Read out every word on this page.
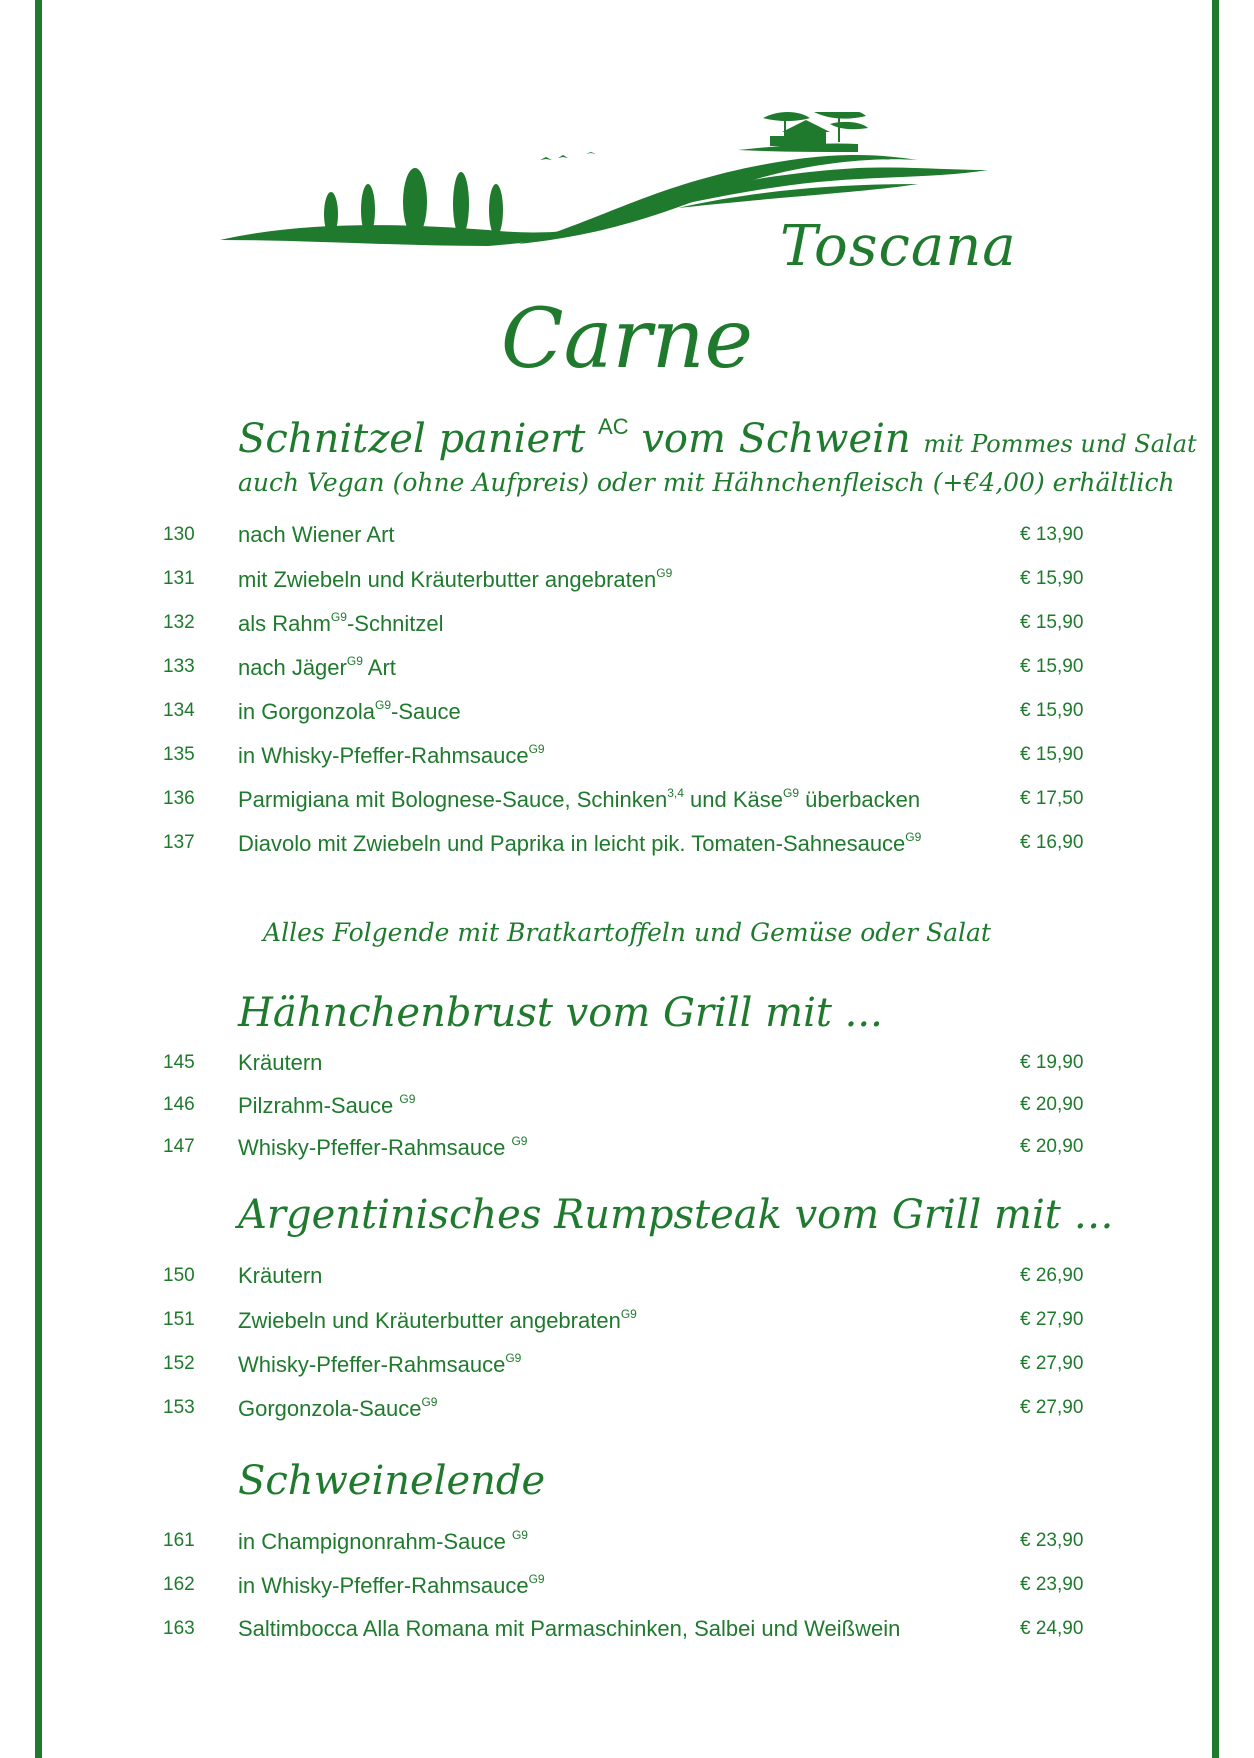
Toscana
Carne
Schnitzel paniert $^{AC}$ vom Schwein mit Pommes und Salat
auch Vegan (ohne Aufpreis) oder mit Hähnchenfleisch (+€4,00) erhältlich
130 nach Wiener Art	€ 13,90
131 mit Zwiebeln und Kräuterbutter angebraten$^{G9}$	€ 15,90
132 als Rahm$^{G9}$-Schnitzel	€ 15,90
133 nach Jäger$^{G9}$ Art	€ 15,90
134 in Gorgonzola$^{G9}$-Sauce	€ 15,90
135 in Whisky-Pfeffer-Rahmsauce$^{G9}$	€ 15,90
136 Parmigiana mit Bolognese-Sauce, Schinken$^{3,4}$ und Käse$^{G9}$ überbacken	€ 17,50
137 Diavolo mit Zwiebeln und Paprika in leicht pik. Tomaten-Sahnesauce$^{G9}$	€ 16,90
Alles Folgende mit Bratkartoffeln und Gemüse oder Salat
Hähnchenbrust vom Grill mit ...
145 Kräutern	€ 19,90
146 Pilzrahm-Sauce $^{G9}$	€ 20,90
147 Whisky-Pfeffer-Rahmsauce $^{G9}$	€ 20,90
Argentinisches Rumpsteak vom Grill mit …
150 Kräutern	€ 26,90
151 Zwiebeln und Kräuterbutter angebraten$^{G9}$	€ 27,90
152 Whisky-Pfeffer-Rahmsauce$^{G9}$	€ 27,90
153 Gorgonzola-Sauce$^{G9}$	€ 27,90
Schweinelende
161 in Champignonrahm-Sauce $^{G9}$	€ 23,90
162 in Whisky-Pfeffer-Rahmsauce$^{G9}$	€ 23,90
163 Saltimbocca Alla Romana mit Parmaschinken, Salbei und Weißwein	€ 24,90
